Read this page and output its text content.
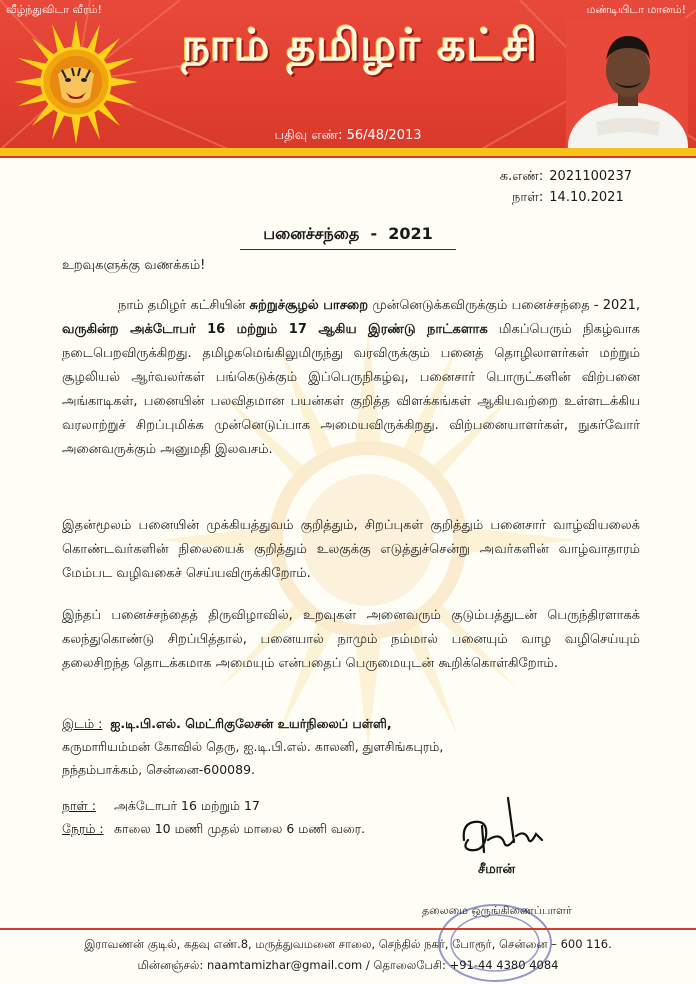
வீழ்ந்துவிடா வீரம்!	மண்டியிடா மானம்!
நாம் தமிழர் கட்சி
பதிவு எண்: 56/48/2013
க.எண்: 2021100237
நாள்: 14.10.2021
பனைச்சந்தை  -  2021
உறவுகளுக்கு வணக்கம்!
நாம் தமிழர் கட்சியின் சுற்றுச்சூழல் பாசறை முன்னெடுக்கவிருக்கும் பனைச்சந்தை - 2021, வருகின்ற அக்டோபர் 16 மற்றும் 17 ஆகிய இரண்டு நாட்களாக மிகப்பெரும் நிகழ்வாக நடைபெறவிருக்கிறது. தமிழகமெங்கிலுமிருந்து வரவிருக்கும் பனைத் தொழிலாளர்கள் மற்றும் சூழலியல் ஆர்வலர்கள் பங்கெடுக்கும் இப்பெருநிகழ்வு, பனைசார் பொருட்களின் விற்பனை அங்காடிகள், பனையின் பலவிதமான பயன்கள் குறித்த விளக்கங்கள் ஆகியவற்றை உள்ளடக்கிய வரலாற்றுச் சிறப்புமிக்க முன்னெடுப்பாக அமையவிருக்கிறது. விற்பனையாளர்கள், நுகர்வோர் அனைவருக்கும் அனுமதி இலவசம்.
இதன்மூலம் பனையின் முக்கியத்துவம் குறித்தும், சிறப்புகள் குறித்தும் பனைசார் வாழ்வியலைக் கொண்டவர்களின் நிலையைக் குறித்தும் உலகுக்கு எடுத்துச்சென்று அவர்களின் வாழ்வாதாரம் மேம்பட வழிவகைச் செய்யவிருக்கிறோம்.
இந்தப் பனைச்சந்தைத் திருவிழாவில், உறவுகள் அனைவரும் குடும்பத்துடன் பெருந்திரளாகக் கலந்துகொண்டு சிறப்பித்தால், பனையால் நாமும் நம்மால் பனையும் வாழ வழிசெய்யும் தலைசிறந்த தொடக்கமாக அமையும் என்பதைப் பெருமையுடன் கூறிக்கொள்கிறோம்.
இடம் : ஐ.டி.பி.எல். மெட்ரிகுலேசன் உயர்நிலைப் பள்ளி,
கருமாரியம்மன் கோவில் தெரு, ஐ.டி.பி.எல். காலனி, துளசிங்கபுரம்,
நந்தம்பாக்கம், சென்னை-600089.
நாள் : அக்டோபர் 16 மற்றும் 17
நேரம் : காலை 10 மணி முதல் மாலை 6 மணி வரை.
சீமான்
தலைமை ஒருங்கிணைப்பாளர்
இராவணன் குடில், கதவு எண்.8, மருத்துவமனை சாலை, செந்தில் நகர், போரூர், சென்னை – 600 116.
மின்னஞ்சல்: naamtamizhar@gmail.com / தொலைபேசி: +91-44 4380 4084
